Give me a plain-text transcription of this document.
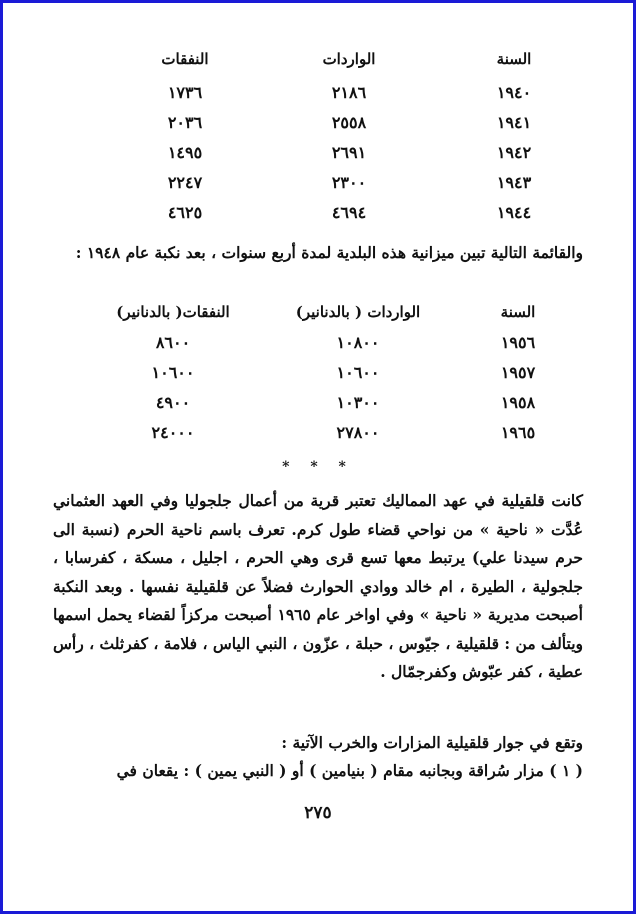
السنة	الواردات	النفقات
١٩٤٠	٢١٨٦	١٧٣٦
١٩٤١	٢٥٥٨	٢٠٣٦
١٩٤٢	٢٦٩١	١٤٩٥
١٩٤٣	٢٣٠٠	٢٢٤٧
١٩٤٤	٤٦٩٤	٤٦٢٥
والقائمة التالية تبين ميزانية هذه البلدية لمدة أربع سنوات ، بعد نكبة عام ١٩٤٨ :
السنة	الواردات ( بالدنانير)	النفقات( بالدنانير)
١٩٥٦	١٠٨٠٠	٨٦٠٠
١٩٥٧	١٠٦٠٠	١٠٦٠٠
١٩٥٨	١٠٣٠٠	٤٩٠٠
١٩٦٥	٢٧٨٠٠	٢٤٠٠٠
* * *
كانت قلقيلية في عهد المماليك تعتبر قرية من أعمال جلجوليا وفي العهد العثماني عُدَّت « ناحية » من نواحي قضاء طول كرم. تعرف باسم ناحية الحرم (نسبة الى حرم سيدنا علي) يرتبط معها تسع قرى وهي الحرم ، اجليل ، مسكة ، كفرسابا ، جلجولية ، الطيرة ، ام خالد ووادي الحوارث فضلاً عن قلقيلية نفسها . وبعد النكبة أصبحت مديرية « ناحية » وفي اواخر عام ١٩٦٥ أصبحت مركزاً لقضاء يحمل اسمها ويتألف من : قلقيلية ، جيّوس ، حبلة ، عزّون ، النبي الياس ، فلامة ، كفرثلث ، رأس عطية ، كفر عبّوش وكفرجمّال .
وتقع في جوار قلقيلية المزارات والخرب الآتية :
( ١ ) مزار سُراقة وبجانبه مقام ( بنيامين ) أو ( النبي يمين ) : يقعان في
٢٧٥
